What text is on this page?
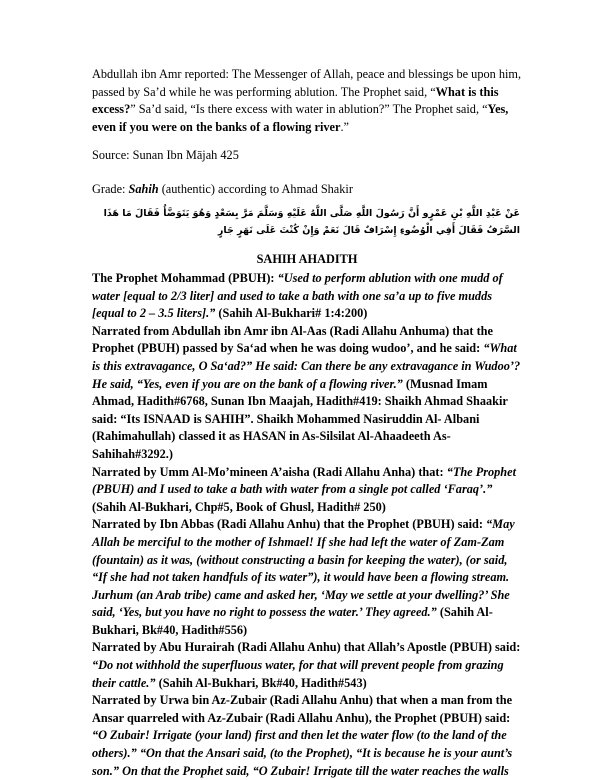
Abdullah ibn Amr reported: The Messenger of Allah, peace and blessings be upon him, passed by Sa’d while he was performing ablution. The Prophet said, “What is this excess?” Sa’d said, “Is there excess with water in ablution?” The Prophet said, “Yes, even if you were on the banks of a flowing river.”

Source: Sunan Ibn Mājah 425

Grade: Sahih (authentic) according to Ahmad Shakir

عَنْ عَبْدِ اللَّهِ بْنِ عَمْرٍو أَنَّ رَسُولَ اللَّهِ صَلَّى اللَّهُ عَلَيْهِ وَسَلَّمَ مَرَّ بِسَعْدٍ وَهُوَ يَتَوَضَّأُ فَقَالَ مَا هَذَا السَّرَفُ فَقَالَ أَفِي الْوُضُوءِ إِسْرَافٌ قَالَ نَعَمْ وَإِنْ كُنْتَ عَلَى نَهَرٍ جَارٍ

SAHIH AHADITH

The Prophet Mohammad (PBUH): “Used to perform ablution with one mudd of water [equal to 2/3 liter] and used to take a bath with one sa’a up to five mudds [equal to 2 – 3.5 liters].” (Sahih Al-Bukhari# 1:4:200)

Narrated from Abdullah ibn Amr ibn Al-Aas (Radi Allahu Anhuma) that the Prophet (PBUH) passed by Sa‘ad when he was doing wudoo’, and he said: “What is this extravagance, O Sa‘ad?” He said: Can there be any extravagance in Wudoo’? He said, “Yes, even if you are on the bank of a flowing river.” (Musnad Imam Ahmad, Hadith#6768, Sunan Ibn Maajah, Hadith#419: Shaikh Ahmad Shaakir said: “Its ISNAAD is SAHIH”. Shaikh Mohammed Nasiruddin Al- Albani (Rahimahullah) classed it as HASAN in As-Silsilat Al-Ahaadeeth As-Sahihah#3292.)

Narrated by Umm Al-Mo’mineen A’aisha (Radi Allahu Anha) that: “The Prophet (PBUH) and I used to take a bath with water from a single pot called ‘Faraq’.” (Sahih Al-Bukhari, Chp#5, Book of Ghusl, Hadith# 250)

Narrated by Ibn Abbas (Radi Allahu Anhu) that the Prophet (PBUH) said: “May Allah be merciful to the mother of Ishmael! If she had left the water of Zam-Zam (fountain) as it was, (without constructing a basin for keeping the water), (or said, “If she had not taken handfuls of its water”), it would have been a flowing stream. Jurhum (an Arab tribe) came and asked her, ‘May we settle at your dwelling?’ She said, ‘Yes, but you have no right to possess the water.’ They agreed.” (Sahih Al-Bukhari, Bk#40, Hadith#556)

Narrated by Abu Hurairah (Radi Allahu Anhu) that Allah’s Apostle (PBUH) said: “Do not withhold the superfluous water, for that will prevent people from grazing their cattle.” (Sahih Al-Bukhari, Bk#40, Hadith#543)

Narrated by Urwa bin Az-Zubair (Radi Allahu Anhu) that when a man from the Ansar quarreled with Az-Zubair (Radi Allahu Anhu), the Prophet (PBUH) said: “O Zubair! Irrigate (your land) first and then let the water flow (to the land of the others).” “On that the Ansari said, (to the Prophet), “It is because he is your aunt’s son.” On that the Prophet said, “O Zubair! Irrigate till the water reaches the walls
